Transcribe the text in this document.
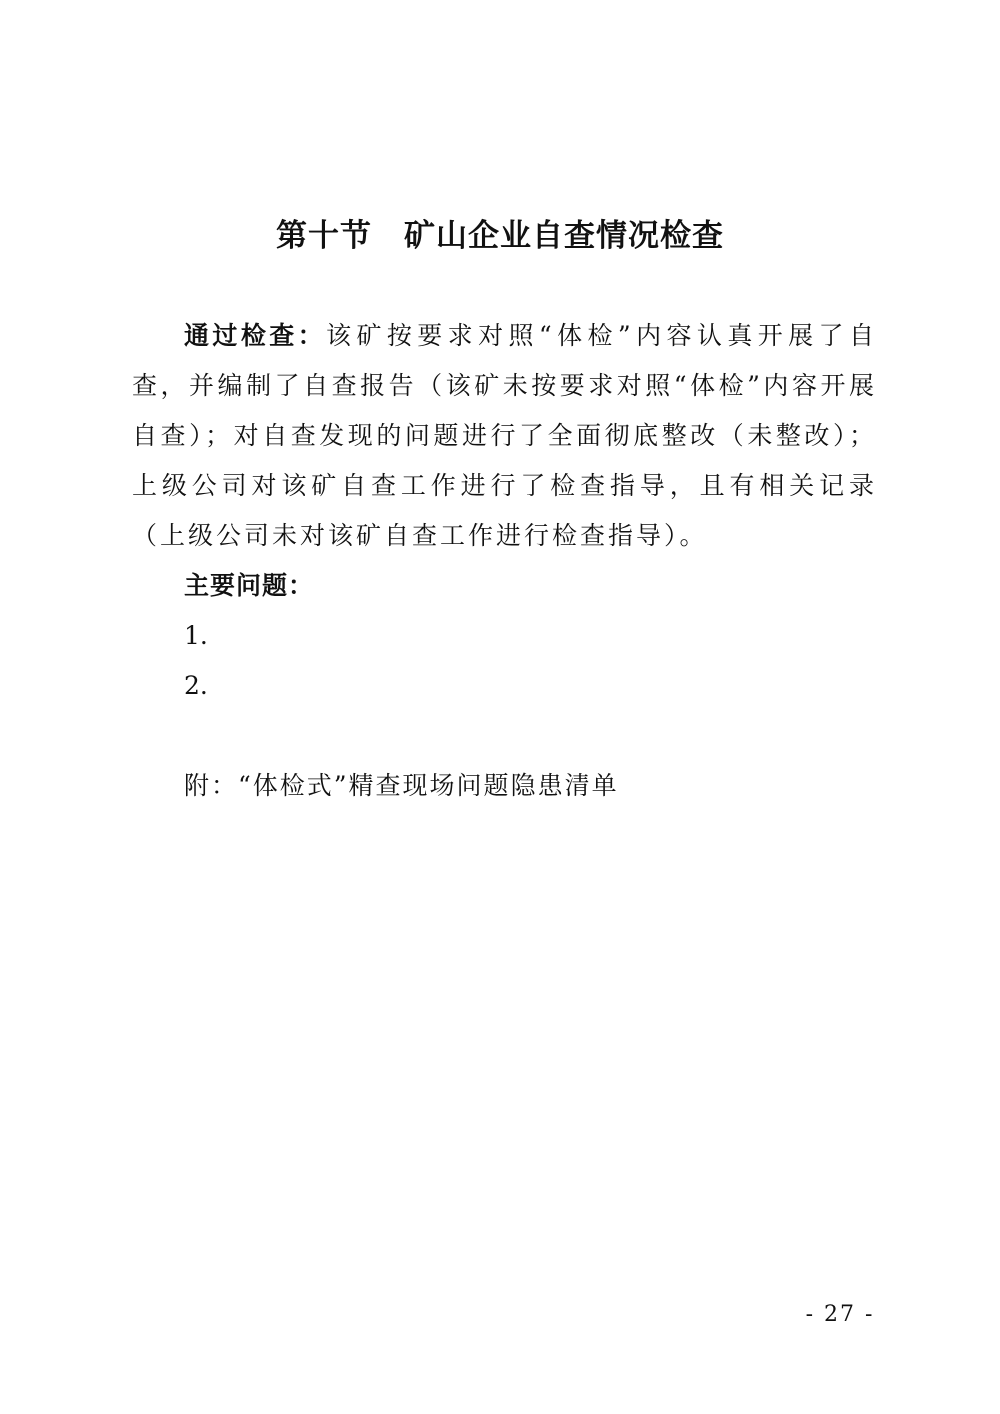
第十节　矿山企业自查情况检查

通过检查：该矿按要求对照“体检”内容认真开展了自查，并编制了自查报告（该矿未按要求对照“体检”内容开展自查）；对自查发现的问题进行了全面彻底整改（未整改）；上级公司对该矿自查工作进行了检查指导，且有相关记录（上级公司未对该矿自查工作进行检查指导）。

主要问题：

1.

2.

附：“体检式”精查现场问题隐患清单

- 27 -
